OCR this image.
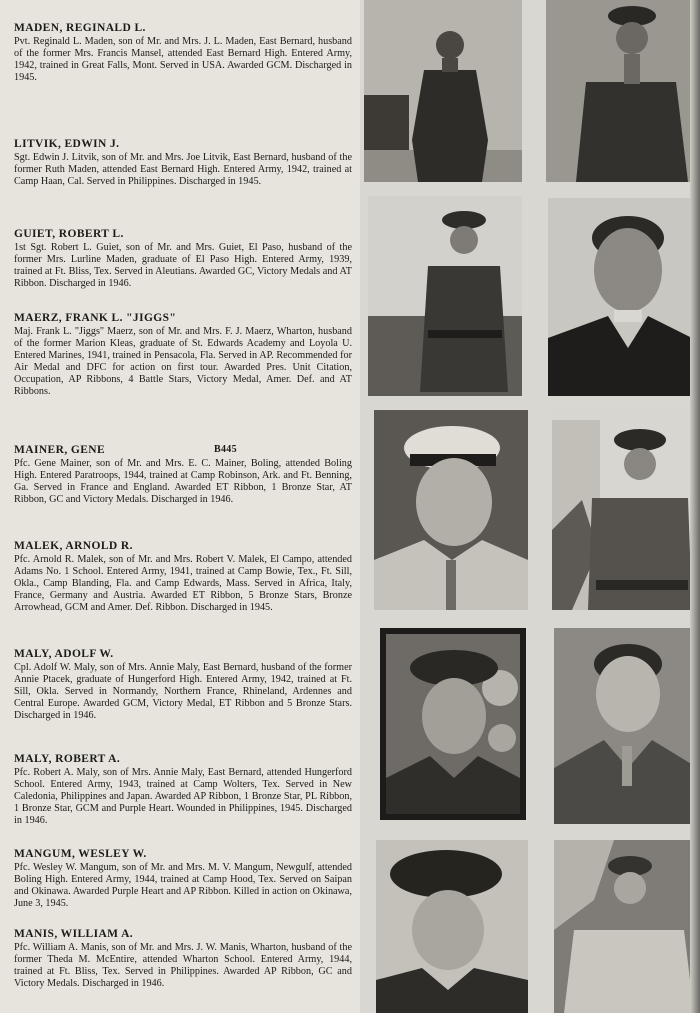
MADEN, REGINALD L.

Pvt. Reginald L. Maden, son of Mr. and Mrs. J. L. Maden, East Bernard, husband of the former Mrs. Francis Mansel, attended East Bernard High. Entered Army, 1942, trained in Great Falls, Mont. Served in USA. Awarded GCM. Discharged in 1945.

LITVIK, EDWIN J.

Sgt. Edwin J. Litvik, son of Mr. and Mrs. Joe Litvik, East Bernard, husband of the former Ruth Maden, attended East Bernard High. Entered Army, 1942, trained at Camp Haan, Cal. Served in Philippines. Discharged in 1945.

GUIET, ROBERT L.

1st Sgt. Robert L. Guiet, son of Mr. and Mrs. Guiet, El Paso, husband of the former Mrs. Lurline Maden, graduate of El Paso High. Entered Army, 1939, trained at Ft. Bliss, Tex. Served in Aleutians. Awarded GC, Victory Medals and AT Ribbon. Discharged in 1946.

MAERZ, FRANK L. "JIGGS"

Maj. Frank L. "Jiggs" Maerz, son of Mr. and Mrs. F. J. Maerz, Wharton, husband of the former Marion Kleas, graduate of St. Edwards Academy and Loyola U. Entered Marines, 1941, trained in Pensacola, Fla. Served in AP. Recommended for Air Medal and DFC for action on first tour. Awarded Pres. Unit Citation, Occupation, AP Ribbons, 4 Battle Stars, Victory Medal, Amer. Def. and AT Ribbons.

MAINER, GENE	B445

Pfc. Gene Mainer, son of Mr. and Mrs. E. C. Mainer, Boling, attended Boling High. Entered Paratroops, 1944, trained at Camp Robinson, Ark. and Ft. Benning, Ga. Served in France and England. Awarded ET Ribbon, 1 Bronze Star, AT Ribbon, GC and Victory Medals. Discharged in 1946.

MALEK, ARNOLD R.

Pfc. Arnold R. Malek, son of Mr. and Mrs. Robert V. Malek, El Campo, attended Adams No. 1 School. Entered Army, 1941, trained at Camp Bowie, Tex., Ft. Sill, Okla., Camp Blanding, Fla. and Camp Edwards, Mass. Served in Africa, Italy, France, Germany and Austria. Awarded ET Ribbon, 5 Bronze Stars, Bronze Arrowhead, GCM and Amer. Def. Ribbon. Discharged in 1945.

MALY, ADOLF W.

Cpl. Adolf W. Maly, son of Mrs. Annie Maly, East Bernard, husband of the former Annie Ptacek, graduate of Hungerford High. Entered Army, 1942, trained at Ft. Sill, Okla. Served in Normandy, Northern France, Rhineland, Ardennes and Central Europe. Awarded GCM, Victory Medal, ET Ribbon and 5 Bronze Stars. Discharged in 1946.

MALY, ROBERT A.

Pfc. Robert A. Maly, son of Mrs. Annie Maly, East Bernard, attended Hungerford School. Entered Army, 1943, trained at Camp Wolters, Tex. Served in New Caledonia, Philippines and Japan. Awarded AP Ribbon, 1 Bronze Star, PL Ribbon, 1 Bronze Star, GCM and Purple Heart. Wounded in Philippines, 1945. Discharged in 1946.

MANGUM, WESLEY W.

Pfc. Wesley W. Mangum, son of Mr. and Mrs. M. V. Mangum, Newgulf, attended Boling High. Entered Army, 1944, trained at Camp Hood, Tex. Served on Saipan and Okinawa. Awarded Purple Heart and AP Ribbon. Killed in action on Okinawa, June 3, 1945.

MANIS, WILLIAM A.

Pfc. William A. Manis, son of Mr. and Mrs. J. W. Manis, Wharton, husband of the former Theda M. McEntire, attended Wharton School. Entered Army, 1944, trained at Ft. Bliss, Tex. Served in Philippines. Awarded AP Ribbon, GC and Victory Medals. Discharged in 1946.
